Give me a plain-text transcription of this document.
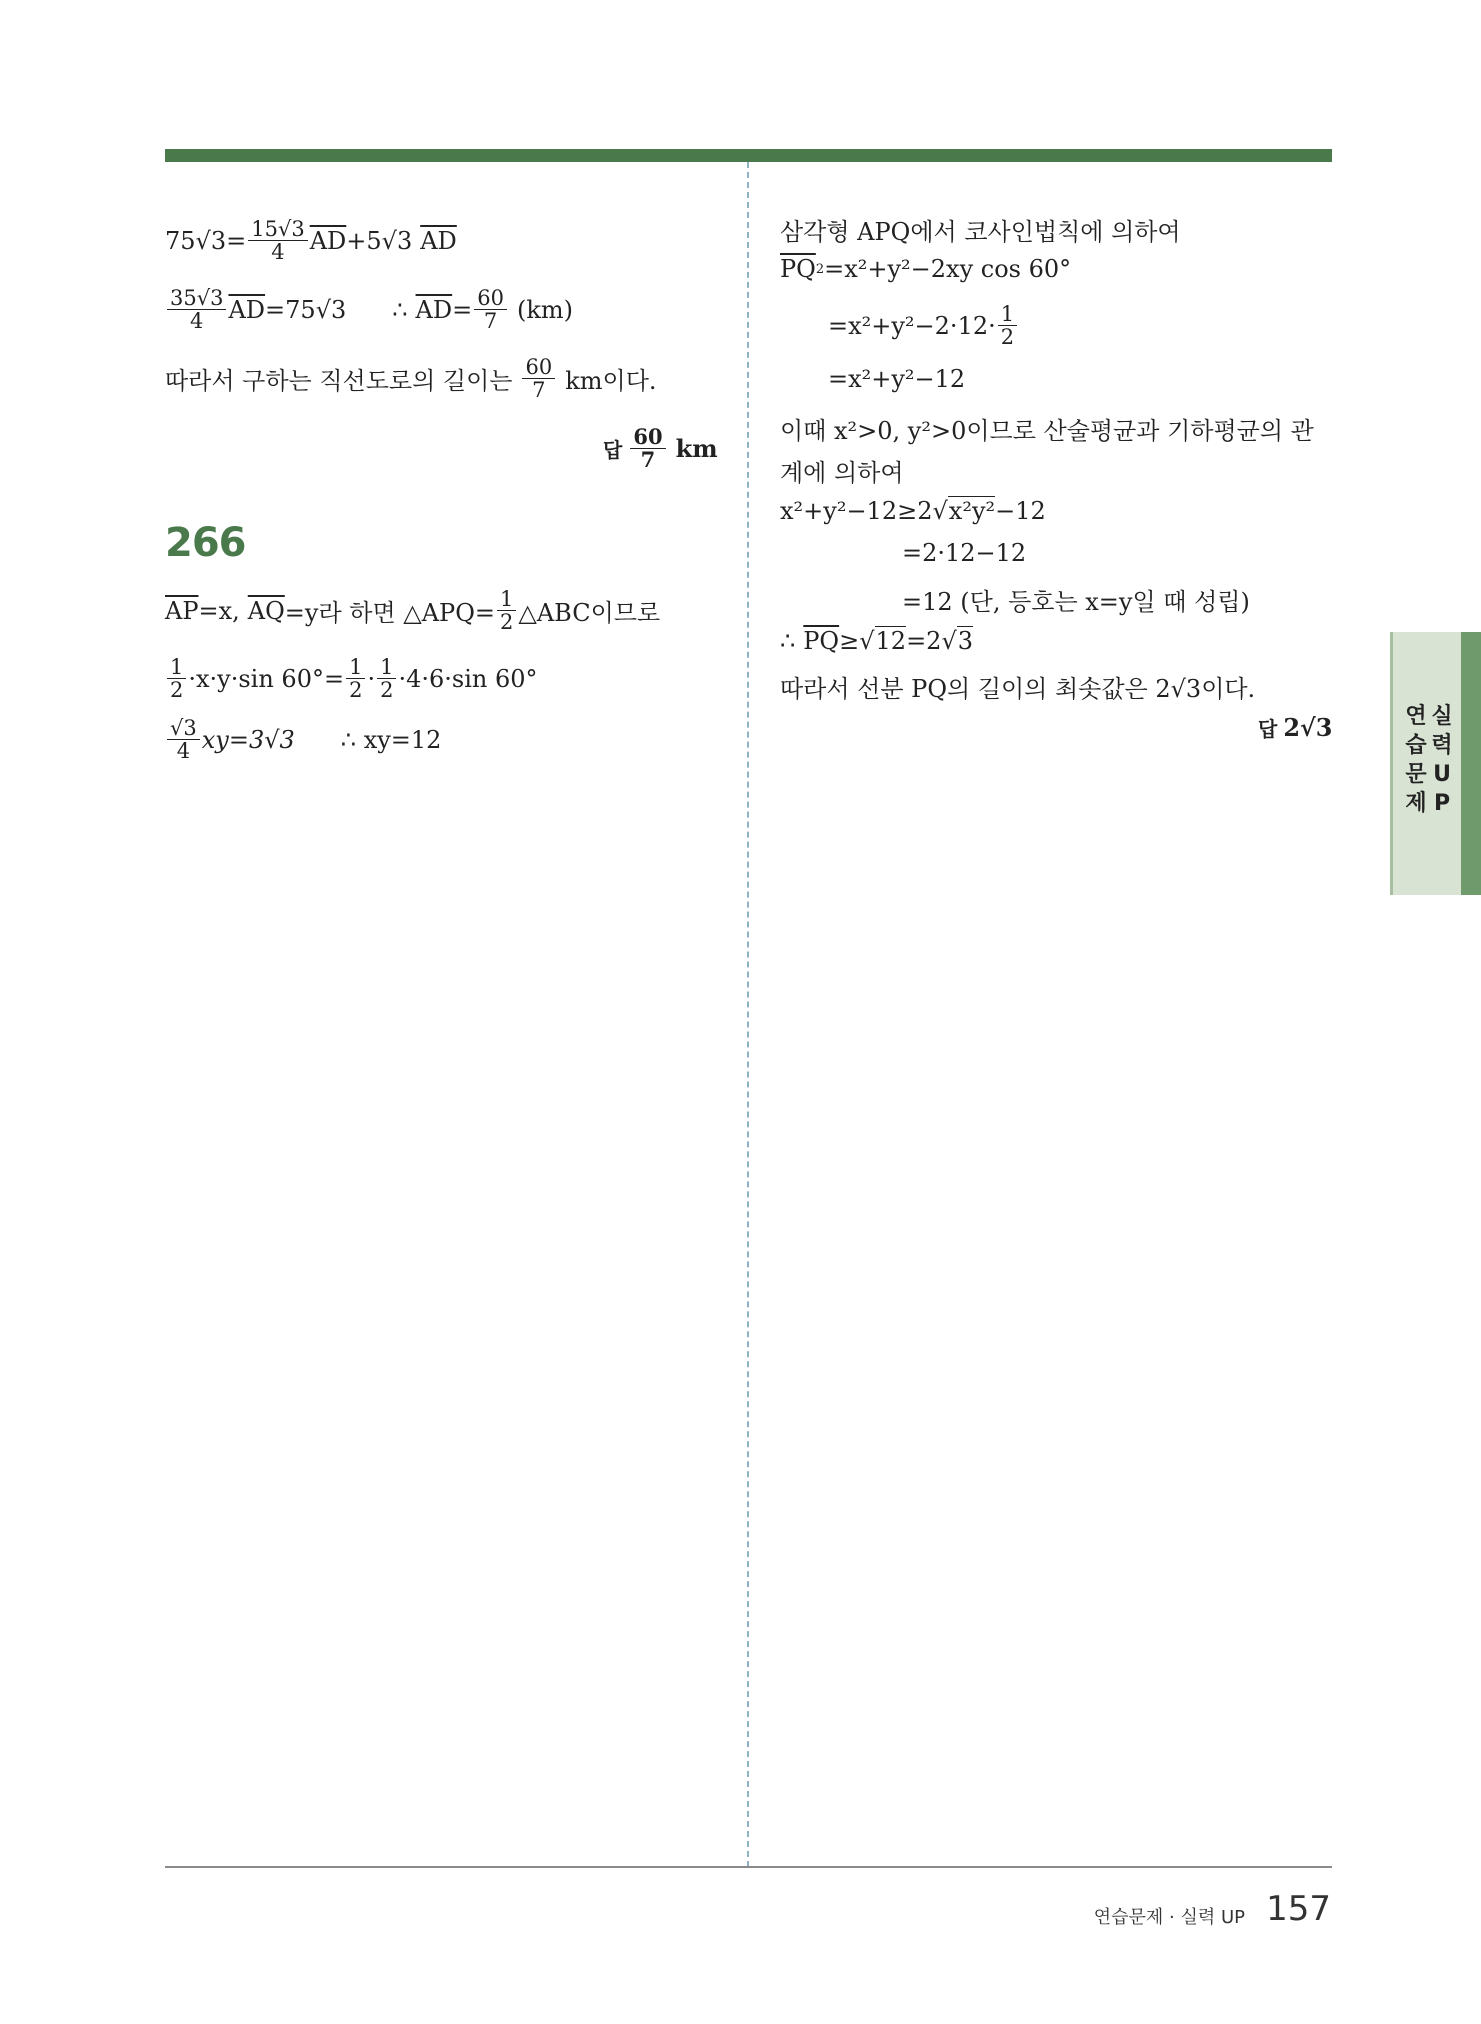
$75√3= \frac{15√3}{4} \overline{AD} +5√3$ $\overline{AD}$
$\frac{35√3}{4} \overline{AD} =75√3$ ∴ $\overline{AD} = \frac{60}{7} (km)$
따라서 구하는 직선도로의 길이는 $\frac{60}{7}$ km이다.
답 $\frac{60}{7}$ km
266
$\overline{AP} =x$, $\overline{AQ} =y$라 하면 △APQ= $\frac{1}{2}$ △ABC이므로
$\frac{1}{2} \cdot x\cdot y\cdot\sin$ $60^\circ= \frac{1}{2} \cdot \frac{1}{2} \cdot 4\cdot 6\cdot\sin$ 60°
$\frac{√3}{4} xy=3√3$ ∴ xy=12
삼각형 APQ에서 코사인법칙에 의하여
$\overline{PQ}$ 2 =x²+y²−2xy cos 60°
$=x^2+y^2-2\cdot 12\cdot \frac{1}{2}$
=x²+y²−12
이때 x²>0, y²>0이므로 산술평균과 기하평균의 관
계에 의하여
x²+y²−12≥2 √ x²y² −12
=2·12−12
=12 (단, 등호는 x=y일 때 성립)
∴ $\overline{PQ}$ ≥ √ 12 =2 √ 3
따라서 선분 PQ의 길이의 최솟값은 2√3이다.
답 2√3	연
습
문
제
실
력
U
P
연습문제 · 실력 UP 157
